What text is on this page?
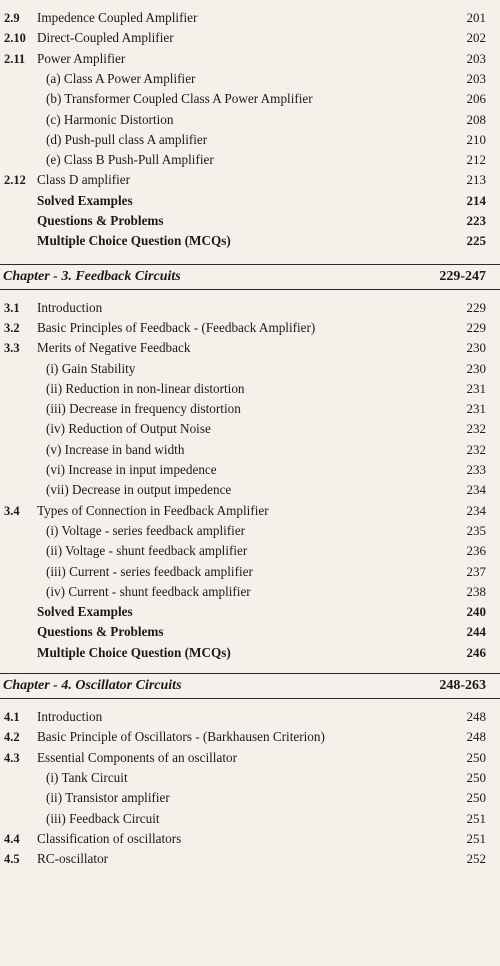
2.9 Impedence Coupled Amplifier	201
2.10 Direct-Coupled Amplifier	202
2.11 Power Amplifier	203
(a) Class A Power Amplifier	203
(b) Transformer Coupled Class A Power Amplifier	206
(c) Harmonic Distortion	208
(d) Push-pull class A amplifier	210
(e) Class B Push-Pull Amplifier	212
2.12 Class D amplifier	213
Solved Examples	214
Questions & Problems	223
Multiple Choice Question (MCQs)	225
Chapter - 3. Feedback Circuits	229-247
3.1 Introduction	229
3.2 Basic Principles of Feedback - (Feedback Amplifier)	229
3.3 Merits of Negative Feedback	230
(i) Gain Stability	230
(ii) Reduction in non-linear distortion	231
(iii) Decrease in frequency distortion	231
(iv) Reduction of Output Noise	232
(v) Increase in band width	232
(vi) Increase in input impedence	233
(vii) Decrease in output impedence	234
3.4 Types of Connection in Feedback Amplifier	234
(i) Voltage - series feedback amplifier	235
(ii) Voltage - shunt feedback amplifier	236
(iii) Current - series feedback amplifier	237
(iv) Current - shunt feedback amplifier	238
Solved Examples	240
Questions & Problems	244
Multiple Choice Question (MCQs)	246
Chapter - 4. Oscillator Circuits	248-263
4.1 Introduction	248
4.2 Basic Principle of Oscillators - (Barkhausen Criterion)	248
4.3 Essential Components of an oscillator	250
(i) Tank Circuit	250
(ii) Transistor amplifier	250
(iii) Feedback Circuit	251
4.4 Classification of oscillators	251
4.5 RC-oscillator	252
